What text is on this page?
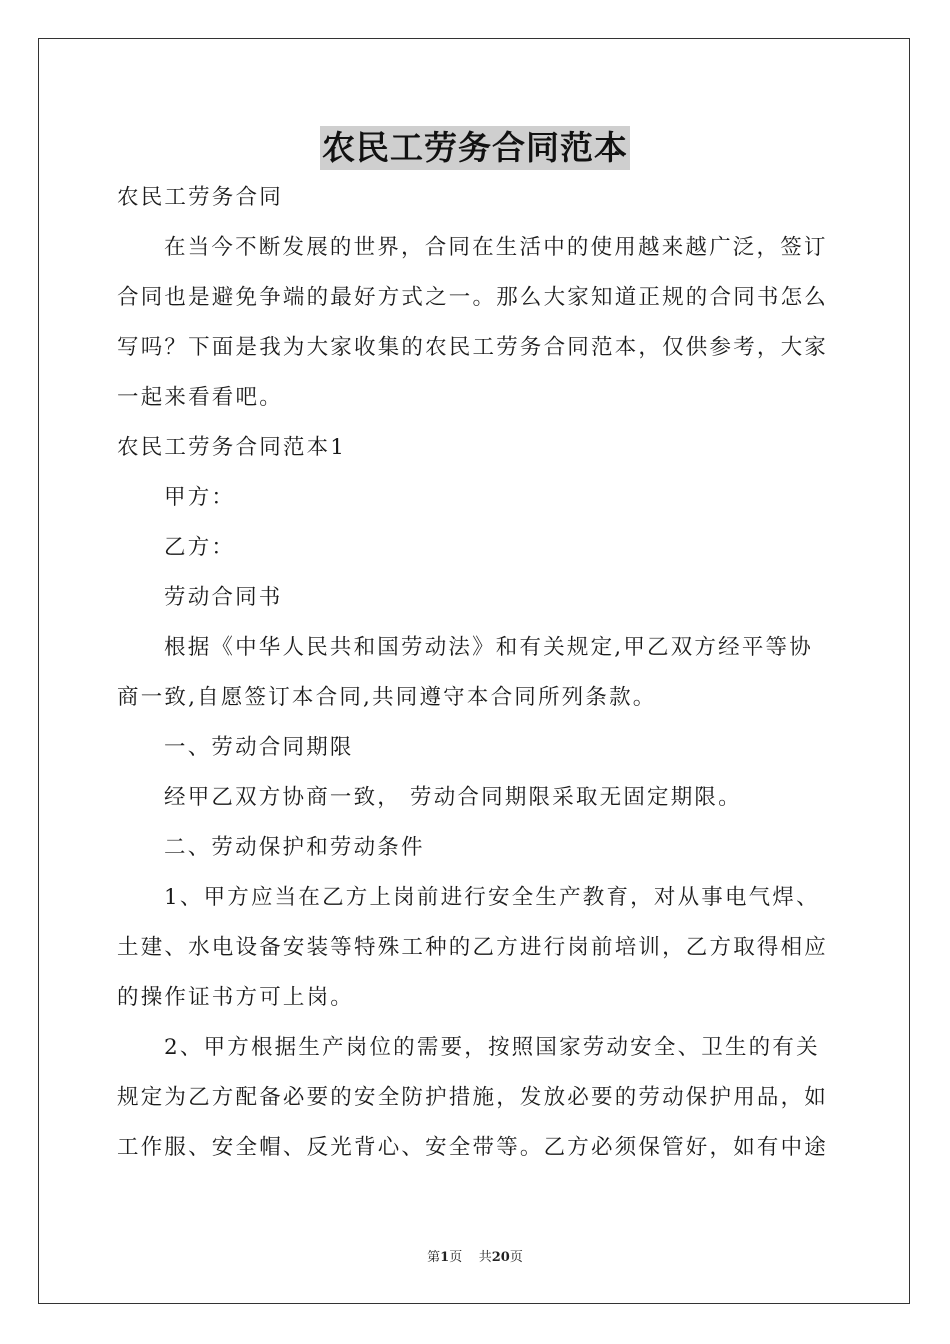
农民工劳务合同范本
农民工劳务合同
在当今不断发展的世界，合同在生活中的使用越来越广泛，签订
合同也是避免争端的最好方式之一。那么大家知道正规的合同书怎么
写吗？下面是我为大家收集的农民工劳务合同范本，仅供参考，大家
一起来看看吧。
农民工劳务合同范本1
甲方：
乙方：
劳动合同书
根据《中华人民共和国劳动法》和有关规定,甲乙双方经平等协
商一致,自愿签订本合同,共同遵守本合同所列条款。
一、劳动合同期限
经甲乙双方协商一致， 劳动合同期限采取无固定期限。
二、劳动保护和劳动条件
1、甲方应当在乙方上岗前进行安全生产教育，对从事电气焊、
土建、水电设备安装等特殊工种的乙方进行岗前培训，乙方取得相应
的操作证书方可上岗。
2、甲方根据生产岗位的需要，按照国家劳动安全、卫生的有关
规定为乙方配备必要的安全防护措施，发放必要的劳动保护用品，如
工作服、安全帽、反光背心、安全带等。乙方必须保管好，如有中途
第1页 共20页
